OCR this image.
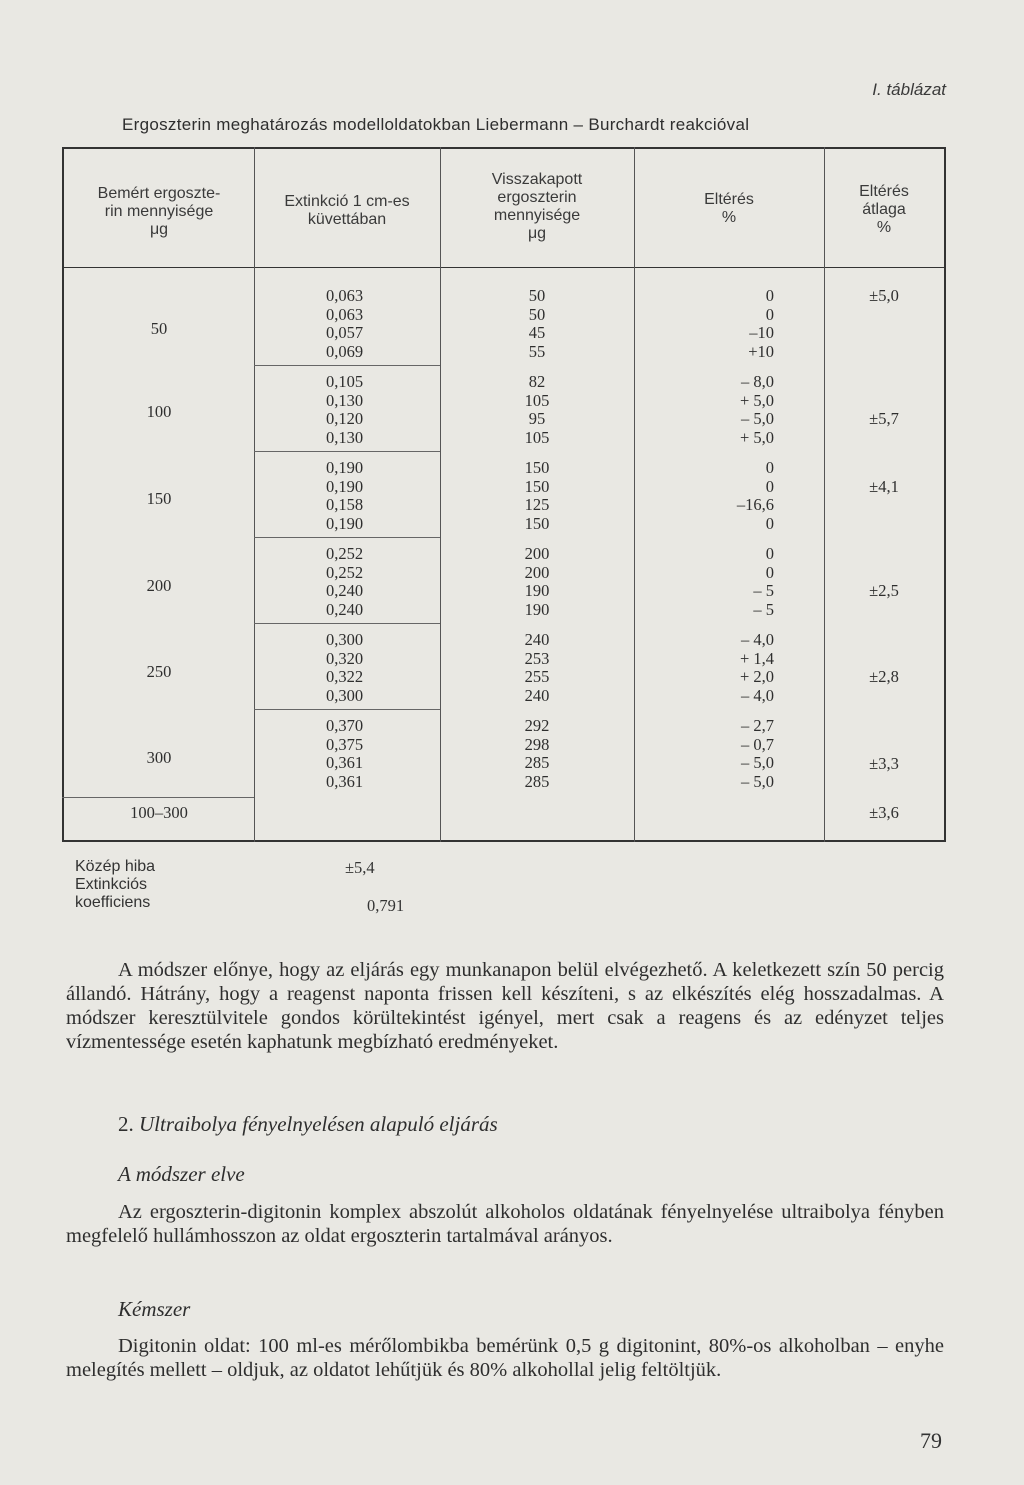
I. táblázat
Ergoszterin meghatározás modelloldatokban Liebermann – Burchardt reakcióval
Bemért ergoszte-
rin mennyisége
μg
Extinkció 1 cm-es
küvettában
Visszakapott
ergoszterin
mennyisége
μg
Eltérés
%
Eltérés
átlaga
%
50
0,063
0,063
0,057
0,069
50
50
45
55
0
0
–10
+10
±5,0
100
0,105
0,130
0,120
0,130
82
105
95
105
– 8,0
+ 5,0
– 5,0
+ 5,0
±5,7
150
0,190
0,190
0,158
0,190
150
150
125
150
0
0
–16,6
0
±4,1
200
0,252
0,252
0,240
0,240
200
200
190
190
0
0
– 5
– 5
±2,5
250
0,300
0,320
0,322
0,300
240
253
255
240
– 4,0
+ 1,4
+ 2,0
– 4,0
±2,8
300
0,370
0,375
0,361
0,361
292
298
285
285
– 2,7
– 0,7
– 5,0
– 5,0
±3,3
100–300	±3,6
Közép hiba
Extinkciós
koefficiens
±5,4
0,791

A módszer előnye, hogy az eljárás egy munkanapon belül elvégezhető. A keletkezett szín 50 percig állandó. Hátrány, hogy a reagenst naponta frissen kell készíteni, s az elkészítés elég hosszadalmas. A módszer keresztülvitele gondos körültekintést igényel, mert csak a reagens és az edényzet teljes vízmentessége esetén kaphatunk megbízható eredményeket.

2. Ultraibolya fényelnyelésen alapuló eljárás
A módszer elve

Az ergoszterin-digitonin komplex abszolút alkoholos oldatának fényelnyelése ultraibolya fényben megfelelő hullámhosszon az oldat ergoszterin tartalmával arányos.

Kémszer

Digitonin oldat: 100 ml-es mérőlombikba bemérünk 0,5 g digitonint, 80%-os alkoholban – enyhe melegítés mellett – oldjuk, az oldatot lehűtjük és 80% alkohollal jelig feltöltjük.

79
